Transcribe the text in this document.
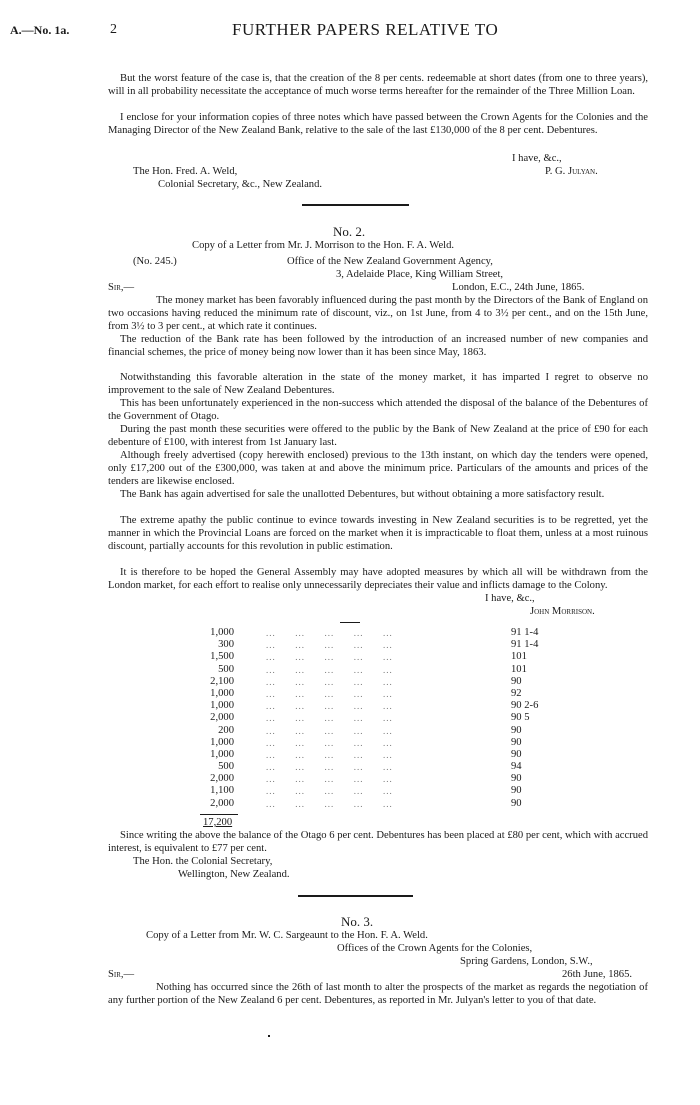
A.—No. 1a.	2	FURTHER PAPERS RELATIVE TO
But the worst feature of the case is, that the creation of the 8 per cents. redeemable at short dates (from one to three years), will in all probability necessitate the acceptance of much worse terms hereafter for the remainder of the Three Million Loan.
I enclose for your information copies of three notes which have passed between the Crown Agents for the Colonies and the Managing Director of the New Zealand Bank, relative to the sale of the last £130,000 of the 8 per cent. Debentures.
I have, &c.,
P. G. Julyan.
The Hon. Fred. A. Weld,
Colonial Secretary, &c., New Zealand.
No. 2.
Copy of a Letter from Mr. J. Morrison to the Hon. F. A. Weld.
(No. 245.)	Office of the New Zealand Government Agency,
3, Adelaide Place, King William Street,
London, E.C., 24th June, 1865.
Sir,—
The money market has been favorably influenced during the past month by the Directors of the Bank of England on two occasions having reduced the minimum rate of discount, viz., on 1st June, from 4 to 3½ per cent., and on the 15th June, from 3½ to 3 per cent., at which rate it continues.
The reduction of the Bank rate has been followed by the introduction of an increased number of new companies and financial schemes, the price of money being now lower than it has been since May, 1863.
Notwithstanding this favorable alteration in the state of the money market, it has imparted I regret to observe no improvement to the sale of New Zealand Debentures.
This has been unfortunately experienced in the non-success which attended the disposal of the balance of the Debentures of the Government of Otago.
During the past month these securities were offered to the public by the Bank of New Zealand at the price of £90 for each debenture of £100, with interest from 1st January last.
Although freely advertised (copy herewith enclosed) previous to the 13th instant, on which day the tenders were opened, only £17,200 out of the £300,000, was taken at and above the minimum price. Particulars of the amounts and prices of the tenders are likewise enclosed.
The Bank has again advertised for sale the unallotted Debentures, but without obtaining a more satisfactory result.
The extreme apathy the public continue to evince towards investing in New Zealand securities is to be regretted, yet the manner in which the Provincial Loans are forced on the market when it is impracticable to float them, unless at a most ruinous discount, partially accounts for this revolution in public estimation.
It is therefore to be hoped the General Assembly may have adopted measures by which all will be withdrawn from the London market, for each effort to realise only unnecessarily depreciates their value and inflicts damage to the Colony.
I have, &c.,
John Morrison.
1,000	...      ...      ...      ...      ...	91 1-4
300	...      ...      ...      ...      ...	91 1-4
1,500	...      ...      ...      ...      ...	101
500	...      ...      ...      ...      ...	101
2,100	...      ...      ...      ...      ...	90
1,000	...      ...      ...      ...      ...	92
1,000	...      ...      ...      ...      ...	90 2-6
2,000	...      ...      ...      ...      ...	90 5
200	...      ...      ...      ...      ...	90
1,000	...      ...      ...      ...      ...	90
1,000	...      ...      ...      ...      ...	90
500	...      ...      ...      ...      ...	94
2,000	...      ...      ...      ...      ...	90
1,100	...      ...      ...      ...      ...	90
2,000	...      ...      ...      ...      ...	90
17,200
Since writing the above the balance of the Otago 6 per cent. Debentures has been placed at £80 per cent, which with accrued interest, is equivalent to £77 per cent.
The Hon. the Colonial Secretary,
Wellington, New Zealand.
No. 3.
Copy of a Letter from Mr. W. C. Sargeaunt to the Hon. F. A. Weld.
Offices of the Crown Agents for the Colonies,
Spring Gardens, London, S.W.,
26th June, 1865.
Sir,—
Nothing has occurred since the 26th of last month to alter the prospects of the market as regards the negotiation of any further portion of the New Zealand 6 per cent. Debentures, as reported in Mr. Julyan's letter to you of that date.
